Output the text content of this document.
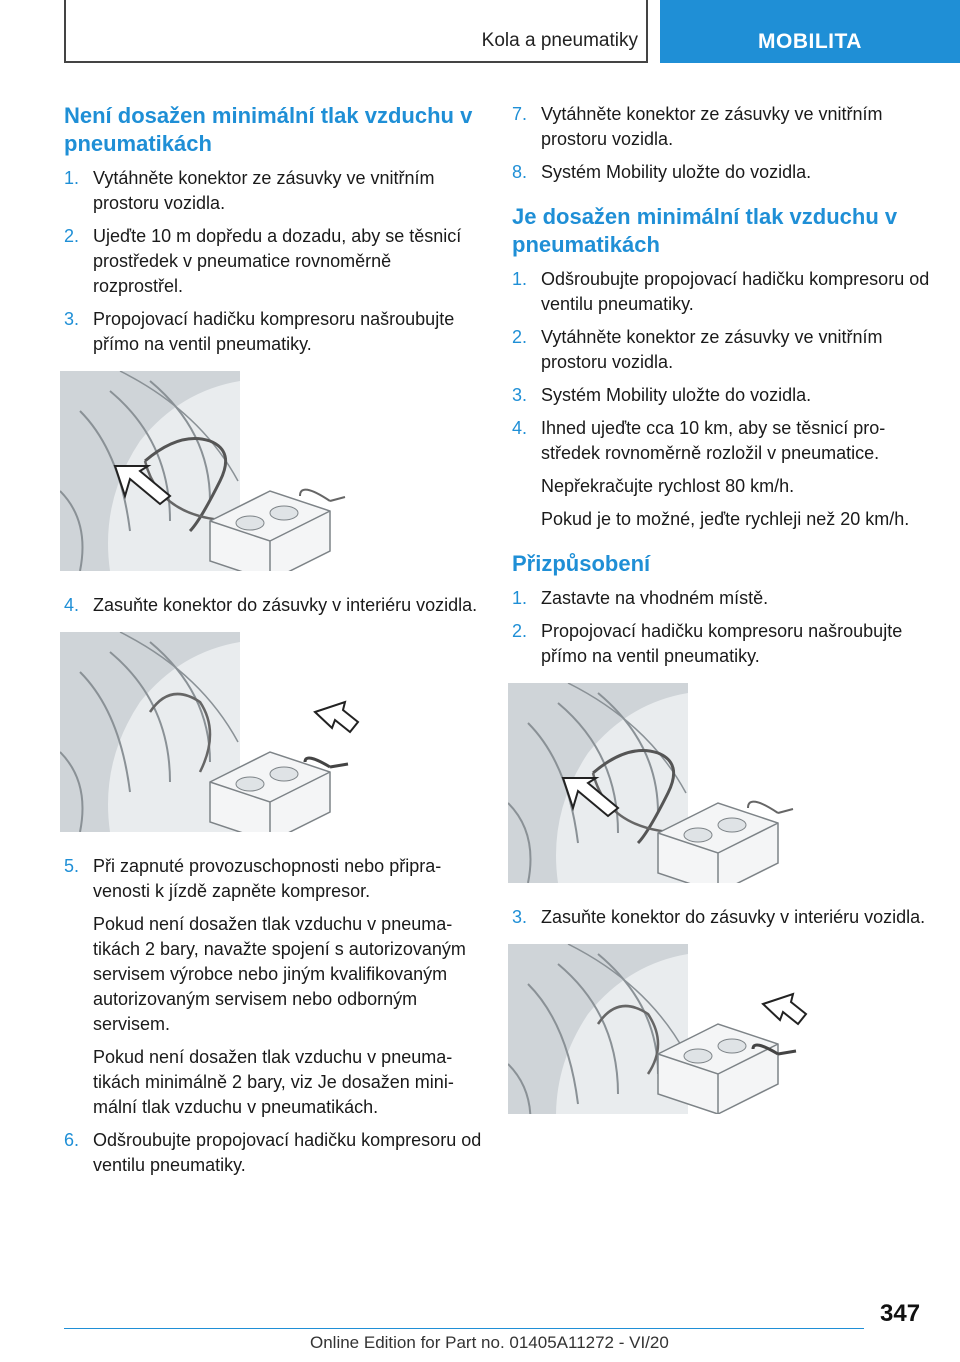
Kola a pneumatiky	MOBILITA
Není dosažen minimální tlak vzduchu v pneumatikách
1. Vytáhněte konektor ze zásuvky ve vnitřním prostoru vozidla.

2. Ujeďte 10 m dopředu a dozadu, aby se těsnicí prostředek v pneumatice rovnoměrně rozprostřel.

3. Propojovací hadičku kompresoru našroubujte přímo na ventil pneumatiky.

4. Zasuňte konektor do zásuvky v interiéru vozidla.

5. Při zapnuté provozuschopnosti nebo připravenosti k jízdě zapněte kompresor.

Pokud není dosažen tlak vzduchu v pneumatikách 2 bary, navažte spojení s autorizovaným servisem výrobce nebo jiným kvalifikovaným autorizovaným servisem nebo odborným servisem.

Pokud není dosažen tlak vzduchu v pneumatikách minimálně 2 bary, viz Je dosažen minimální tlak vzduchu v pneumatikách.

6. Odšroubujte propojovací hadičku kompresoru od ventilu pneumatiky.

7. Vytáhněte konektor ze zásuvky ve vnitřním prostoru vozidla.

8. Systém Mobility uložte do vozidla.

Je dosažen minimální tlak vzduchu v pneumatikách
1. Odšroubujte propojovací hadičku kompresoru od ventilu pneumatiky.

2. Vytáhněte konektor ze zásuvky ve vnitřním prostoru vozidla.

3. Systém Mobility uložte do vozidla.

4. Ihned ujeďte cca 10 km, aby se těsnicí prostředek rovnoměrně rozložil v pneumatice.

Nepřekračujte rychlost 80 km/h.

Pokud je to možné, jeďte rychleji než 20 km/h.

Přizpůsobení
1. Zastavte na vhodném místě.

2. Propojovací hadičku kompresoru našroubujte přímo na ventil pneumatiky.

3. Zasuňte konektor do zásuvky v interiéru vozidla.

347
Online Edition for Part no. 01405A11272 - VI/20
